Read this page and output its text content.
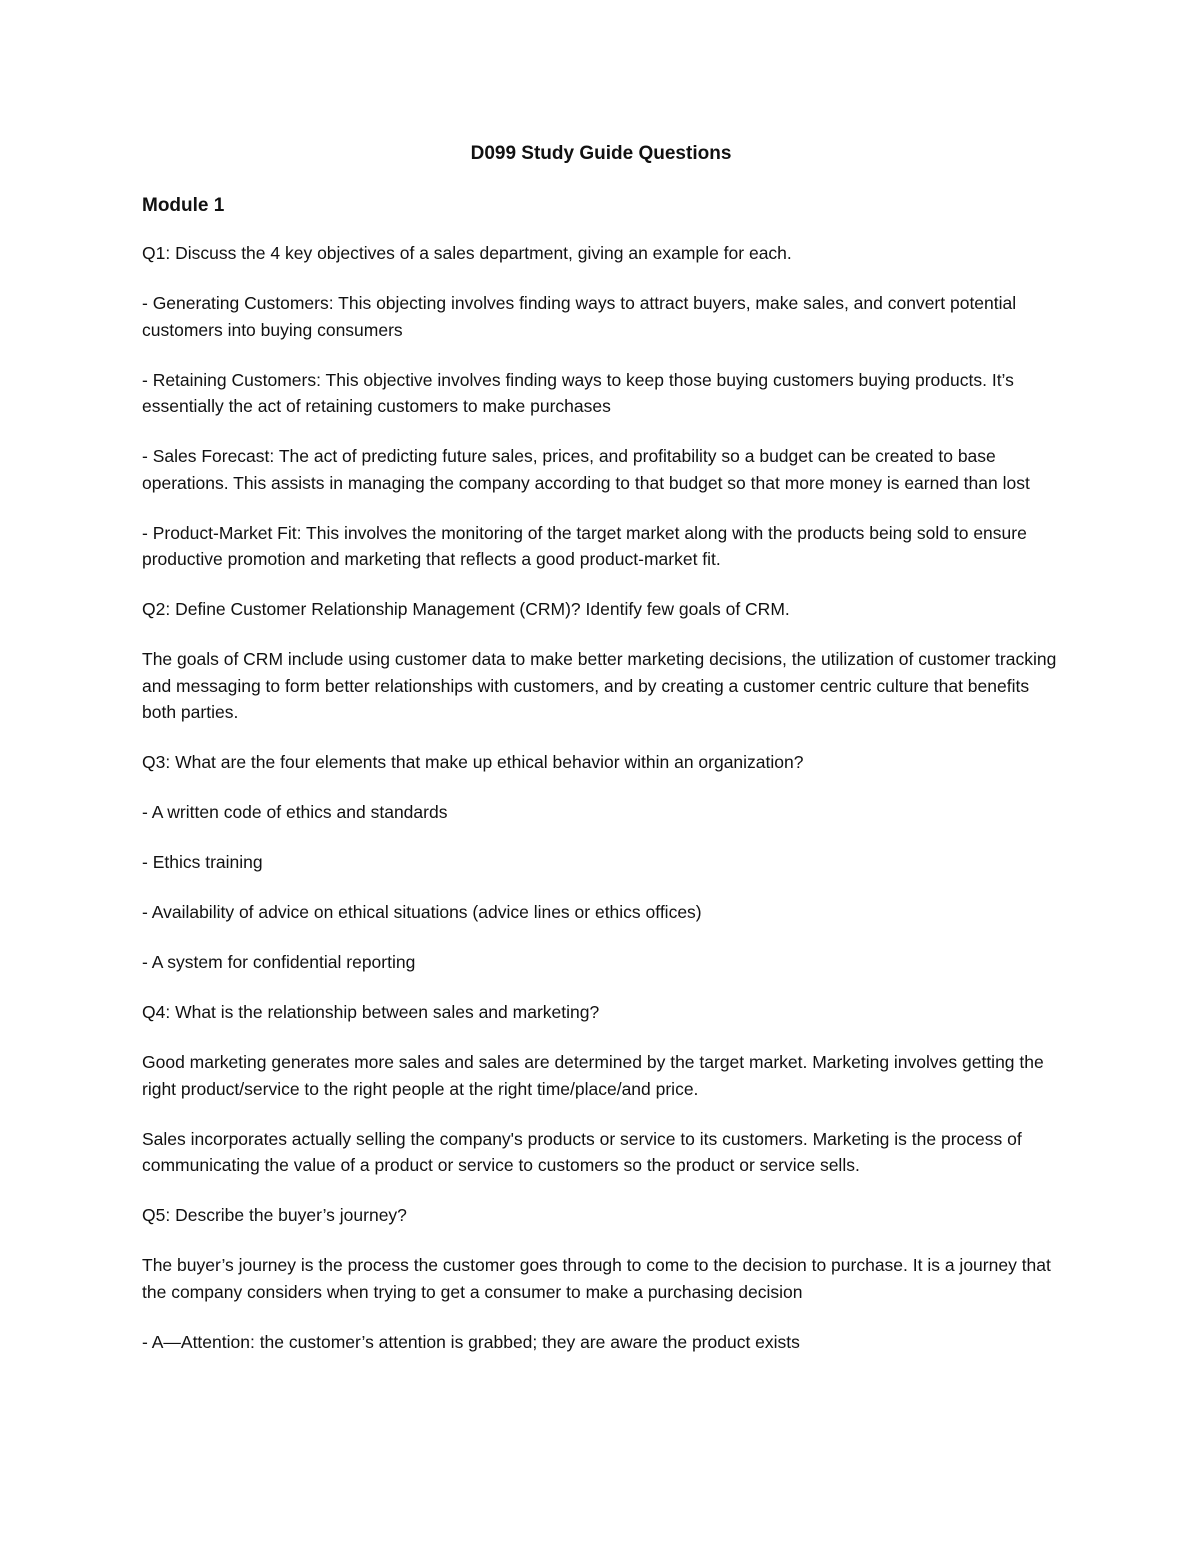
D099 Study Guide Questions
Module 1

Q1: Discuss the 4 key objectives of a sales department, giving an example for each.

- Generating Customers: This objecting involves finding ways to attract buyers, make sales, and convert potential customers into buying consumers

- Retaining Customers: This objective involves finding ways to keep those buying customers buying products. It’s essentially the act of retaining customers to make purchases

- Sales Forecast: The act of predicting future sales, prices, and profitability so a budget can be created to base operations. This assists in managing the company according to that budget so that more money is earned than lost

- Product-Market Fit: This involves the monitoring of the target market along with the products being sold to ensure productive promotion and marketing that reflects a good product-market fit.

Q2: Define Customer Relationship Management (CRM)? Identify few goals of CRM.

The goals of CRM include using customer data to make better marketing decisions, the utilization of customer tracking and messaging to form better relationships with customers, and by creating a customer centric culture that benefits both parties.

Q3: What are the four elements that make up ethical behavior within an organization?

- A written code of ethics and standards

- Ethics training

- Availability of advice on ethical situations (advice lines or ethics offices)

- A system for confidential reporting

Q4: What is the relationship between sales and marketing?

Good marketing generates more sales and sales are determined by the target market. Marketing involves getting the right product/service to the right people at the right time/place/and price.

Sales incorporates actually selling the company's products or service to its customers. Marketing is the process of communicating the value of a product or service to customers so the product or service sells.

Q5: Describe the buyer’s journey?

The buyer’s journey is the process the customer goes through to come to the decision to purchase. It is a journey that the company considers when trying to get a consumer to make a purchasing decision

- A—Attention: the customer’s attention is grabbed; they are aware the product exists
